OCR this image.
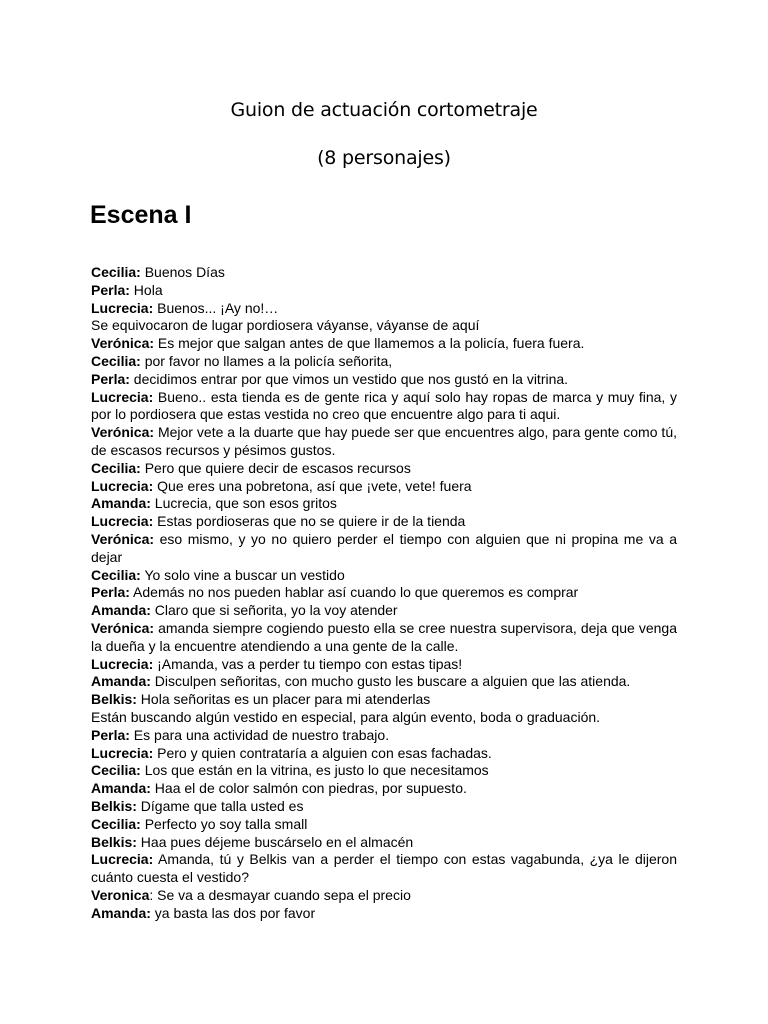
Guion de actuación cortometraje
(8 personajes)
Escena I

Cecilia: Buenos Días

Perla: Hola

Lucrecia: Buenos... ¡Ay no!…

Se equivocaron de lugar pordiosera váyanse, váyanse de aquí

Verónica: Es mejor que salgan antes de que llamemos a la policía, fuera fuera.

Cecilia: por favor no llames a la policía señorita,

Perla: decidimos entrar por que vimos un vestido que nos gustó en la vitrina.

Lucrecia: Bueno.. esta tienda es de gente rica y aquí solo hay ropas de marca y muy fina, y por lo pordiosera que estas vestida no creo que encuentre algo para ti aqui.

Verónica: Mejor vete a la duarte que hay puede ser que encuentres algo, para gente como tú, de escasos recursos y pésimos gustos.

Cecilia: Pero que quiere decir de escasos recursos

Lucrecia: Que eres una pobretona, así que ¡vete, vete! fuera

Amanda: Lucrecia, que son esos gritos

Lucrecia: Estas pordioseras que no se quiere ir de la tienda

Verónica: eso mismo, y yo no quiero perder el tiempo con alguien que ni propina me va a dejar

Cecilia: Yo solo vine a buscar un vestido

Perla: Además no nos pueden hablar así cuando lo que queremos es comprar

Amanda: Claro que si señorita, yo la voy atender

Verónica: amanda siempre cogiendo puesto ella se cree nuestra supervisora, deja que venga la dueña y la encuentre atendiendo a una gente de la calle.

Lucrecia: ¡Amanda, vas a perder tu tiempo con estas tipas!

Amanda: Disculpen señoritas, con mucho gusto les buscare a alguien que las atienda.

Belkis: Hola señoritas es un placer para mi atenderlas

Están buscando algún vestido en especial, para algún evento, boda o graduación.

Perla: Es para una actividad de nuestro trabajo.

Lucrecia: Pero y quien contrataría a alguien con esas fachadas.

Cecilia: Los que están en la vitrina, es justo lo que necesitamos

Amanda: Haa el de color salmón con piedras, por supuesto.

Belkis: Dígame que talla usted es

Cecilia: Perfecto yo soy talla small

Belkis: Haa pues déjeme buscárselo en el almacén

Lucrecia: Amanda, tú y Belkis van a perder el tiempo con estas vagabunda, ¿ya le dijeron cuánto cuesta el vestido?

Veronica: Se va a desmayar cuando sepa el precio

Amanda: ya basta las dos por favor
